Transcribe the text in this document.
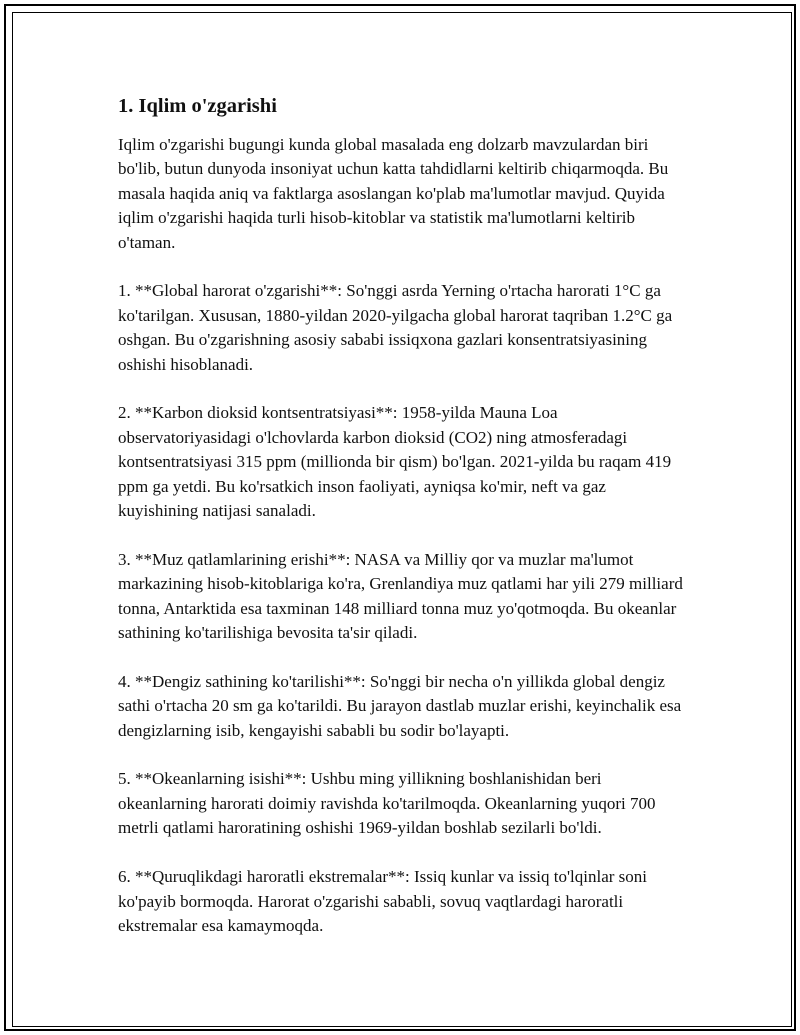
1. Iqlim o'zgarishi

Iqlim o'zgarishi bugungi kunda global masalada eng dolzarb mavzulardan biri bo'lib, butun dunyoda insoniyat uchun katta tahdidlarni keltirib chiqarmoqda. Bu masala haqida aniq va faktlarga asoslangan ko'plab ma'lumotlar mavjud. Quyida iqlim o'zgarishi haqida turli hisob-kitoblar va statistik ma'lumotlarni keltirib o'taman.

1. **Global harorat o'zgarishi**: So'nggi asrda Yerning o'rtacha harorati 1°C ga ko'tarilgan. Xususan, 1880-yildan 2020-yilgacha global harorat taqriban 1.2°C ga oshgan. Bu o'zgarishning asosiy sababi issiqxona gazlari konsentratsiyasining oshishi hisoblanadi.

2. **Karbon dioksid kontsentratsiyasi**: 1958-yilda Mauna Loa observatoriyasidagi o'lchovlarda karbon dioksid (CO2) ning atmosferadagi kontsentratsiyasi 315 ppm (millionda bir qism) bo'lgan. 2021-yilda bu raqam 419 ppm ga yetdi. Bu ko'rsatkich inson faoliyati, ayniqsa ko'mir, neft va gaz kuyishining natijasi sanaladi.

3. **Muz qatlamlarining erishi**: NASA va Milliy qor va muzlar ma'lumot markazining hisob-kitoblariga ko'ra, Grenlandiya muz qatlami har yili 279 milliard tonna, Antarktida esa taxminan 148 milliard tonna muz yo'qotmoqda. Bu okeanlar sathining ko'tarilishiga bevosita ta'sir qiladi.

4. **Dengiz sathining ko'tarilishi**: So'nggi bir necha o'n yillikda global dengiz sathi o'rtacha 20 sm ga ko'tarildi. Bu jarayon dastlab muzlar erishi, keyinchalik esa dengizlarning isib, kengayishi sababli bu sodir bo'layapti.

5. **Okeanlarning isishi**: Ushbu ming yillikning boshlanishidan beri okeanlarning harorati doimiy ravishda ko'tarilmoqda. Okeanlarning yuqori 700 metrli qatlami haroratining oshishi 1969-yildan boshlab sezilarli bo'ldi.

6. **Quruqlikdagi haroratli ekstremalar**: Issiq kunlar va issiq to'lqinlar soni ko'payib bormoqda. Harorat o'zgarishi sababli, sovuq vaqtlardagi haroratli ekstremalar esa kamaymoqda.
